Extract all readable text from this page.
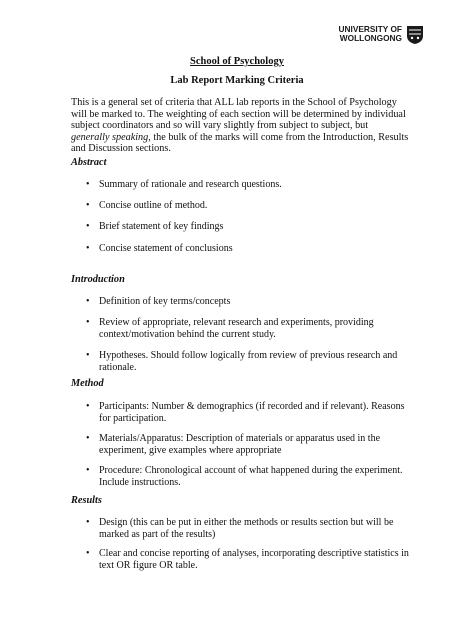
UNIVERSITY OF
WOLLONGONG
School of Psychology
Lab Report Marking Criteria
This is a general set of criteria that ALL lab reports in the School of Psychology will be marked to. The weighting of each section will be determined by individual subject coordinators and so will vary slightly from subject to subject, but generally speaking, the bulk of the marks will come from the Introduction, Results and Discussion sections.
Abstract
• Summary of rationale and research questions.
• Concise outline of method.
• Brief statement of key findings
• Concise statement of conclusions
Introduction
• Definition of key terms/concepts
• Review of appropriate, relevant research and experiments, providing context/motivation behind the current study.
• Hypotheses. Should follow logically from review of previous research and rationale.
Method
• Participants: Number & demographics (if recorded and if relevant). Reasons for participation.
• Materials/Apparatus: Description of materials or apparatus used in the experiment, give examples where appropriate
• Procedure: Chronological account of what happened during the experiment. Include instructions.
Results
• Design (this can be put in either the methods or results section but will be marked as part of the results)
• Clear and concise reporting of analyses, incorporating descriptive statistics in text OR figure OR table.
